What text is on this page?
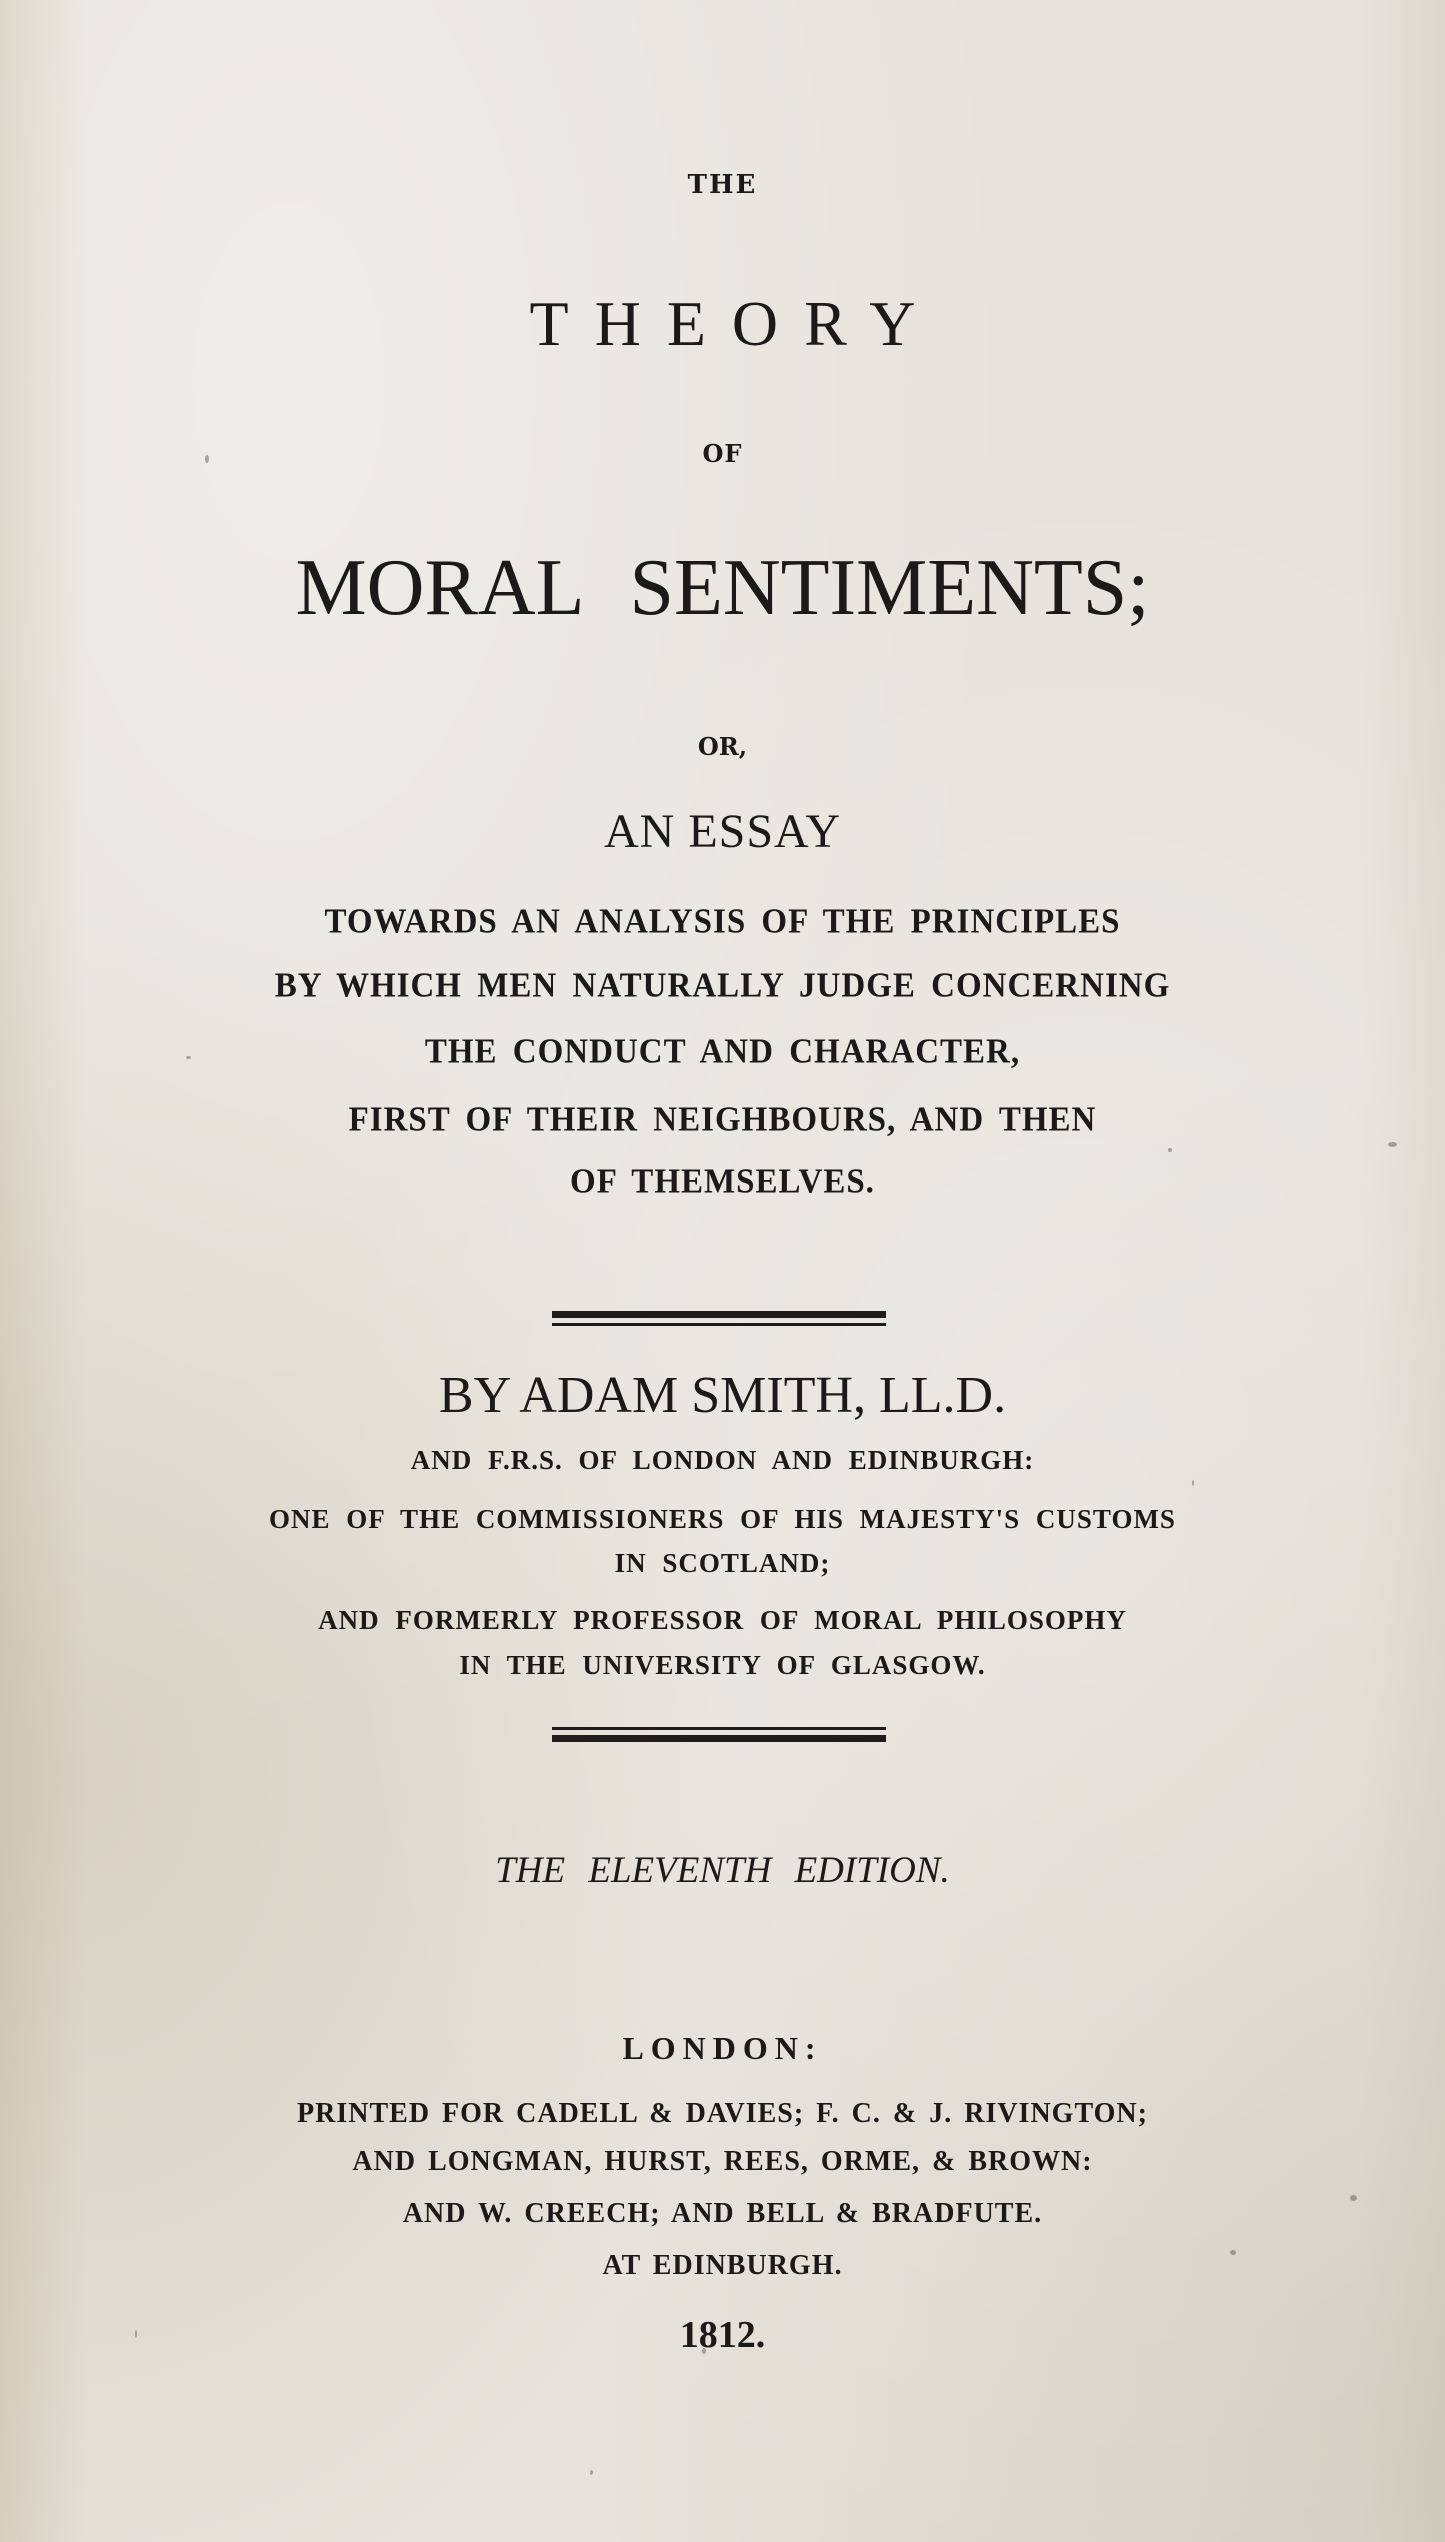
THE
THEORY
OF
MORAL SENTIMENTS;
OR,
AN ESSAY
TOWARDS AN ANALYSIS OF THE PRINCIPLES
BY WHICH MEN NATURALLY JUDGE CONCERNING
THE CONDUCT AND CHARACTER,
FIRST OF THEIR NEIGHBOURS, AND THEN
OF THEMSELVES.
BY ADAM SMITH, LL.D.
AND F.R.S. OF LONDON AND EDINBURGH:
ONE OF THE COMMISSIONERS OF HIS MAJESTY'S CUSTOMS
IN SCOTLAND;
AND FORMERLY PROFESSOR OF MORAL PHILOSOPHY
IN THE UNIVERSITY OF GLASGOW.
THE ELEVENTH EDITION.
LONDON:
PRINTED FOR CADELL & DAVIES; F. C. & J. RIVINGTON;
AND LONGMAN, HURST, REES, ORME, & BROWN:
AND W. CREECH; AND BELL & BRADFUTE.
AT EDINBURGH.
1812.
